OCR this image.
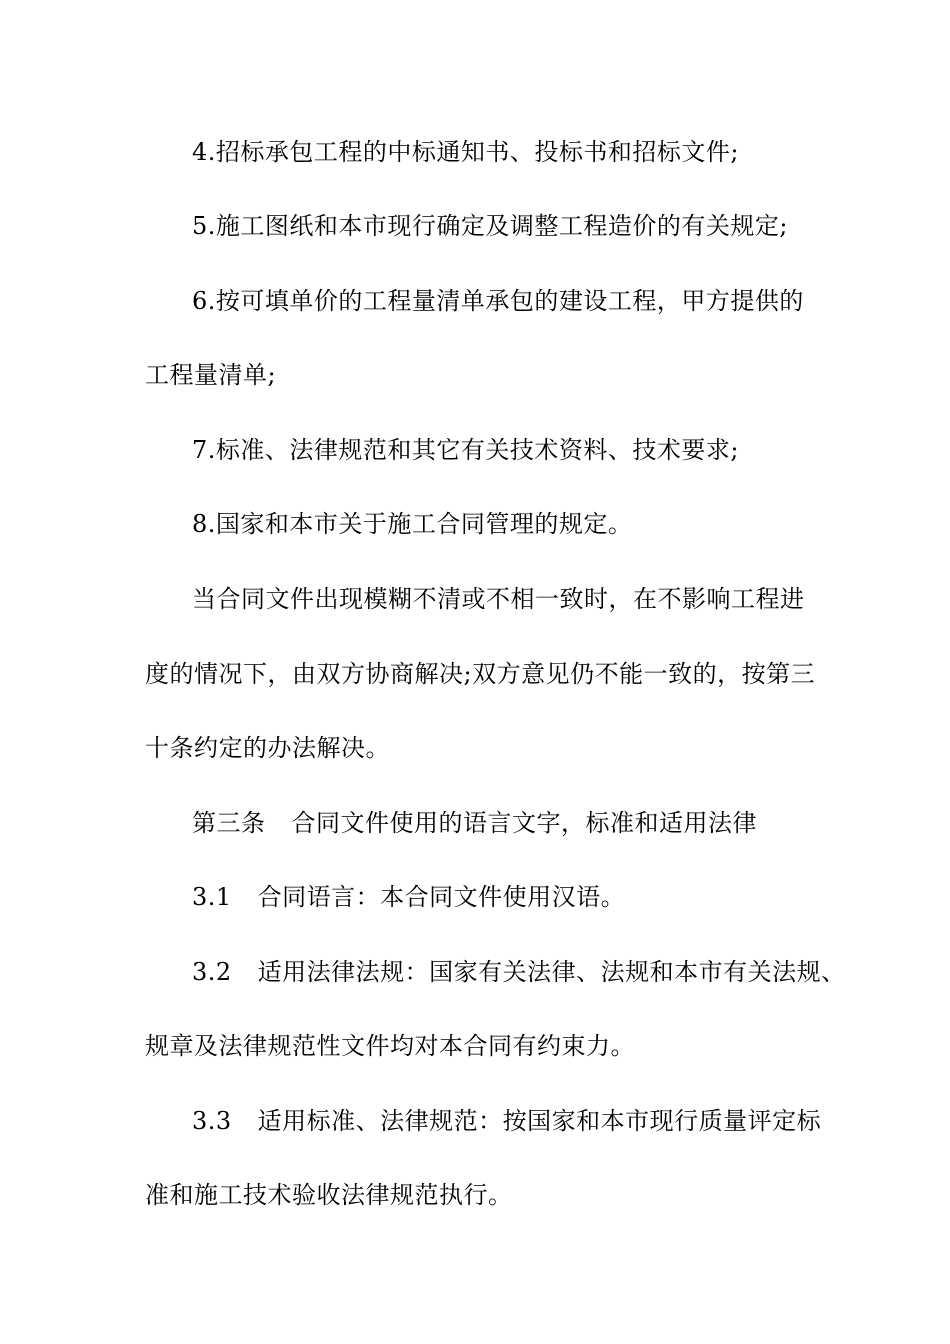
4.招标承包工程的中标通知书、投标书和招标文件;
5.施工图纸和本市现行确定及调整工程造价的有关规定;
6.按可填单价的工程量清单承包的建设工程，甲方提供的
工程量清单;
7.标准、法律规范和其它有关技术资料、技术要求;
8.国家和本市关于施工合同管理的规定。
当合同文件出现模糊不清或不相一致时，在不影响工程进
度的情况下，由双方协商解决;双方意见仍不能一致的，按第三
十条约定的办法解决。
第三条 合同文件使用的语言文字，标准和适用法律
3.1 合同语言：本合同文件使用汉语。
3.2 适用法律法规：国家有关法律、法规和本市有关法规、
规章及法律规范性文件均对本合同有约束力。
3.3 适用标准、法律规范：按国家和本市现行质量评定标
准和施工技术验收法律规范执行。
